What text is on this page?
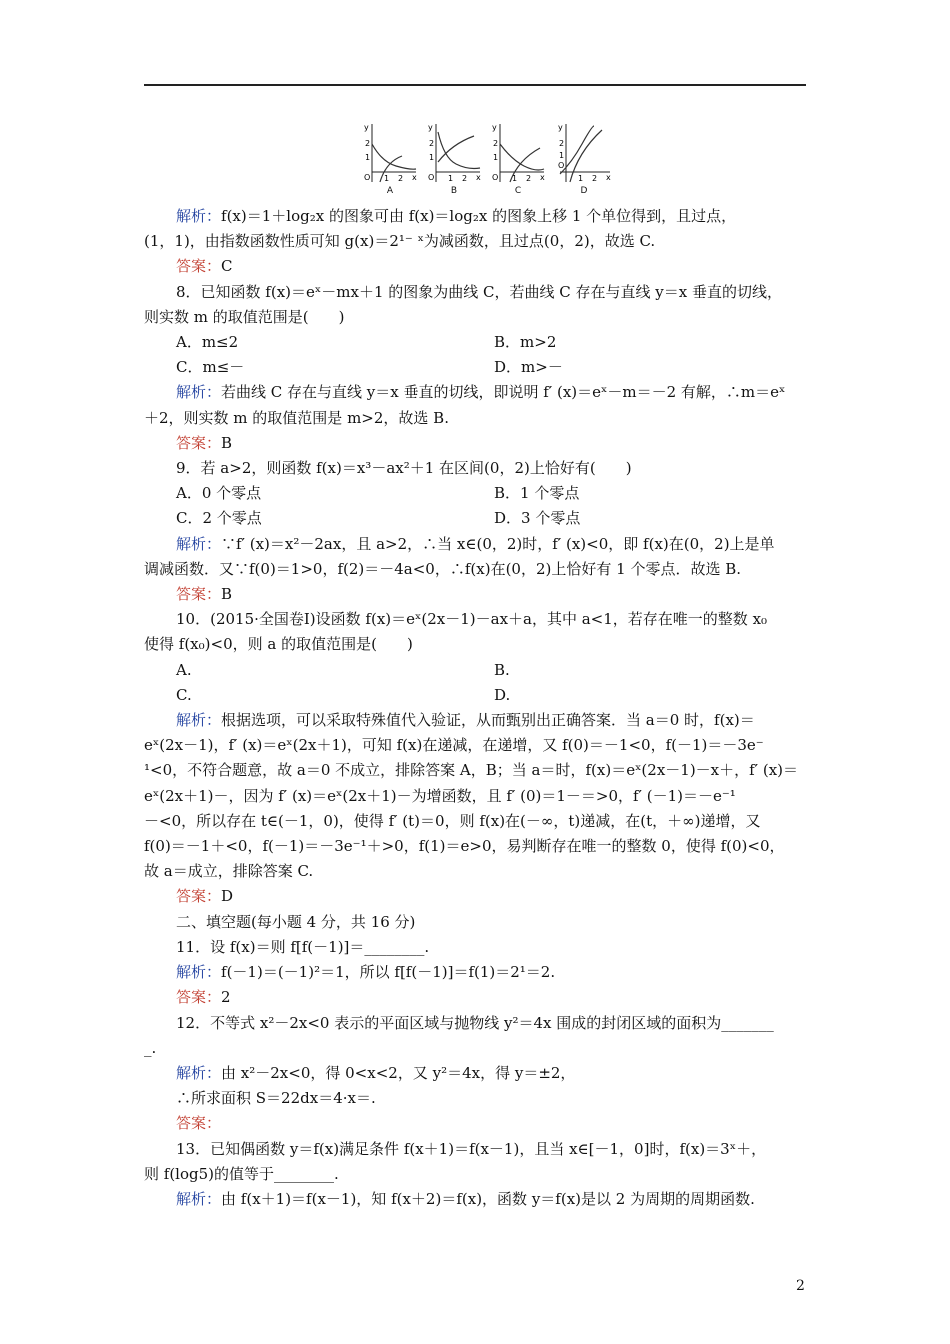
y
x
O
2
1
1 2
A
y
x
O
2
1
1 2
B
y
x
O
2
1
1 2
C
y
x
O
2
1
1 2
D
解析：f(x)＝1＋log₂x 的图象可由 f(x)＝log₂x 的图象上移 1 个单位得到，且过点，
(1，1)，由指数函数性质可知 g(x)＝2¹⁻ ˣ为减函数，且过点(0，2)，故选 C.
答案：C
8．已知函数 f(x)＝eˣ－mx＋1 的图象为曲线 C，若曲线 C 存在与直线 y＝x 垂直的切线，
则实数 m 的取值范围是(　　)
A．m≤2	B．m>2
C．m≤－	D．m>－
解析：若曲线 C 存在与直线 y＝x 垂直的切线，即说明 f′ (x)＝eˣ－m＝－2 有解，∴m＝eˣ
＋2，则实数 m 的取值范围是 m>2，故选 B.
答案：B
9．若 a>2，则函数 f(x)＝x³－ax²＋1 在区间(0，2)上恰好有(　　)
A．0 个零点	B．1 个零点
C．2 个零点	D．3 个零点
解析：∵f′ (x)＝x²－2ax，且 a>2，∴当 x∈(0，2)时，f′ (x)<0，即 f(x)在(0，2)上是单
调减函数．又∵f(0)＝1>0，f(2)＝－4a<0，∴f(x)在(0，2)上恰好有 1 个零点．故选 B.
答案：B
10．(2015·全国卷Ⅰ)设函数 f(x)＝eˣ(2x－1)－ax＋a，其中 a<1，若存在唯一的整数 x₀
使得 f(x₀)<0，则 a 的取值范围是(　　)
A.	B.
C.	D.
解析：根据选项，可以采取特殊值代入验证，从而甄别出正确答案．当 a＝0 时，f(x)＝
eˣ(2x－1)，f′ (x)＝eˣ(2x＋1)，可知 f(x)在递减，在递增，又 f(0)＝－1<0，f(－1)＝－3e⁻
¹<0，不符合题意，故 a＝0 不成立，排除答案 A，B；当 a＝时，f(x)＝eˣ(2x－1)－x＋，f′ (x)＝
eˣ(2x＋1)－，因为 f′ (x)＝eˣ(2x＋1)－为增函数，且 f′ (0)＝1－＝>0，f′ (－1)＝－e⁻¹
－<0，所以存在 t∈(－1，0)，使得 f′ (t)＝0，则 f(x)在(－∞，t)递减，在(t，＋∞)递增，又
f(0)＝－1＋<0，f(－1)＝－3e⁻¹＋>0，f(1)＝e>0，易判断存在唯一的整数 0，使得 f(0)<0，
故 a＝成立，排除答案 C.
答案：D
二、填空题(每小题 4 分，共 16 分)
11．设 f(x)＝则 f[f(－1)]＝________.
解析：f(－1)＝(－1)²＝1，所以 f[f(－1)]＝f(1)＝2¹＝2.
答案：2
12．不等式 x²－2x<0 表示的平面区域与抛物线 y²＝4x 围成的封闭区域的面积为_______
_.
解析：由 x²－2x<0，得 0<x<2，又 y²＝4x，得 y＝±2，
∴所求面积 S＝22dx＝4·x＝.
答案：
13．已知偶函数 y＝f(x)满足条件 f(x＋1)＝f(x－1)，且当 x∈[－1，0]时，f(x)＝3ˣ＋，
则 f(log5)的值等于________.
解析：由 f(x＋1)＝f(x－1)，知 f(x＋2)＝f(x)，函数 y＝f(x)是以 2 为周期的周期函数.
2
